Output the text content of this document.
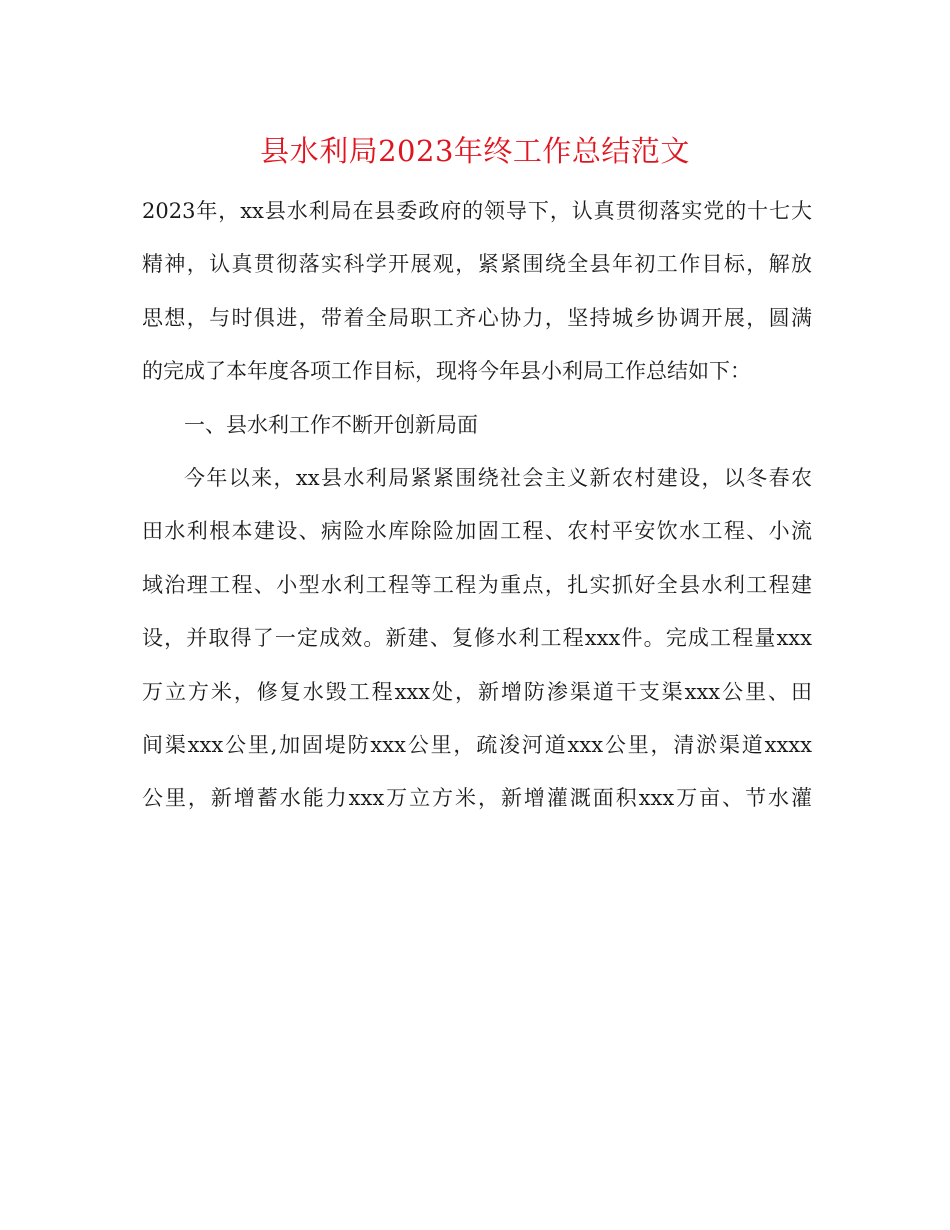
县水利局2023年终工作总结范文
2023年，xx县水利局在县委政府的领导下，认真贯彻落实党的十七大
精神，认真贯彻落实科学开展观，紧紧围绕全县年初工作目标，解放
思想，与时俱进，带着全局职工齐心协力，坚持城乡协调开展，圆满
的完成了本年度各项工作目标，现将今年县小利局工作总结如下：
一、县水利工作不断开创新局面
今年以来，xx县水利局紧紧围绕社会主义新农村建设，以冬春农
田水利根本建设、病险水库除险加固工程、农村平安饮水工程、小流
域治理工程、小型水利工程等工程为重点，扎实抓好全县水利工程建
设，并取得了一定成效。新建、复修水利工程xxx件。完成工程量xxx
万立方米，修复水毁工程xxx处，新增防渗渠道干支渠xxx公里、田
间渠xxx公里,加固堤防xxx公里，疏浚河道xxx公里，清淤渠道xxxx
公里，新增蓄水能力xxx万立方米，新增灌溉面积xxx万亩、节水灌
